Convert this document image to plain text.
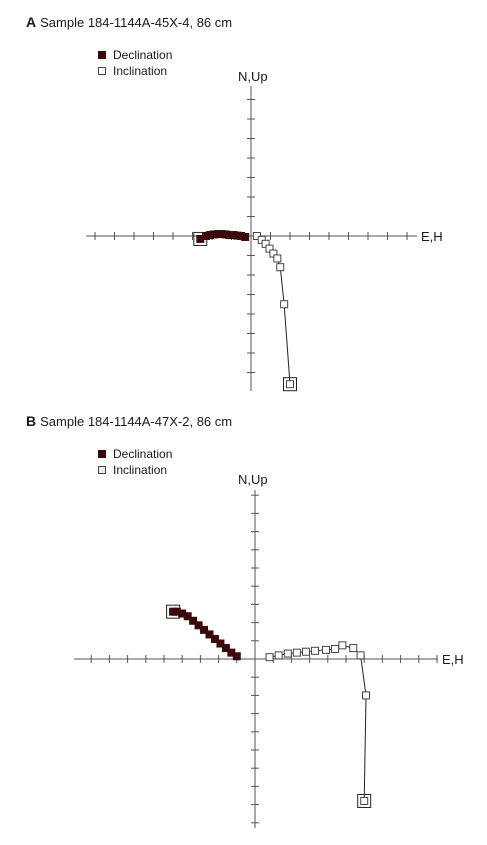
A Sample 184-1144A-45X-4, 86 cm
Declination
Inclination	N,Up
E,H
B Sample 184-1144A-47X-2, 86 cm
Declination
Inclination
N,Up
E,H
